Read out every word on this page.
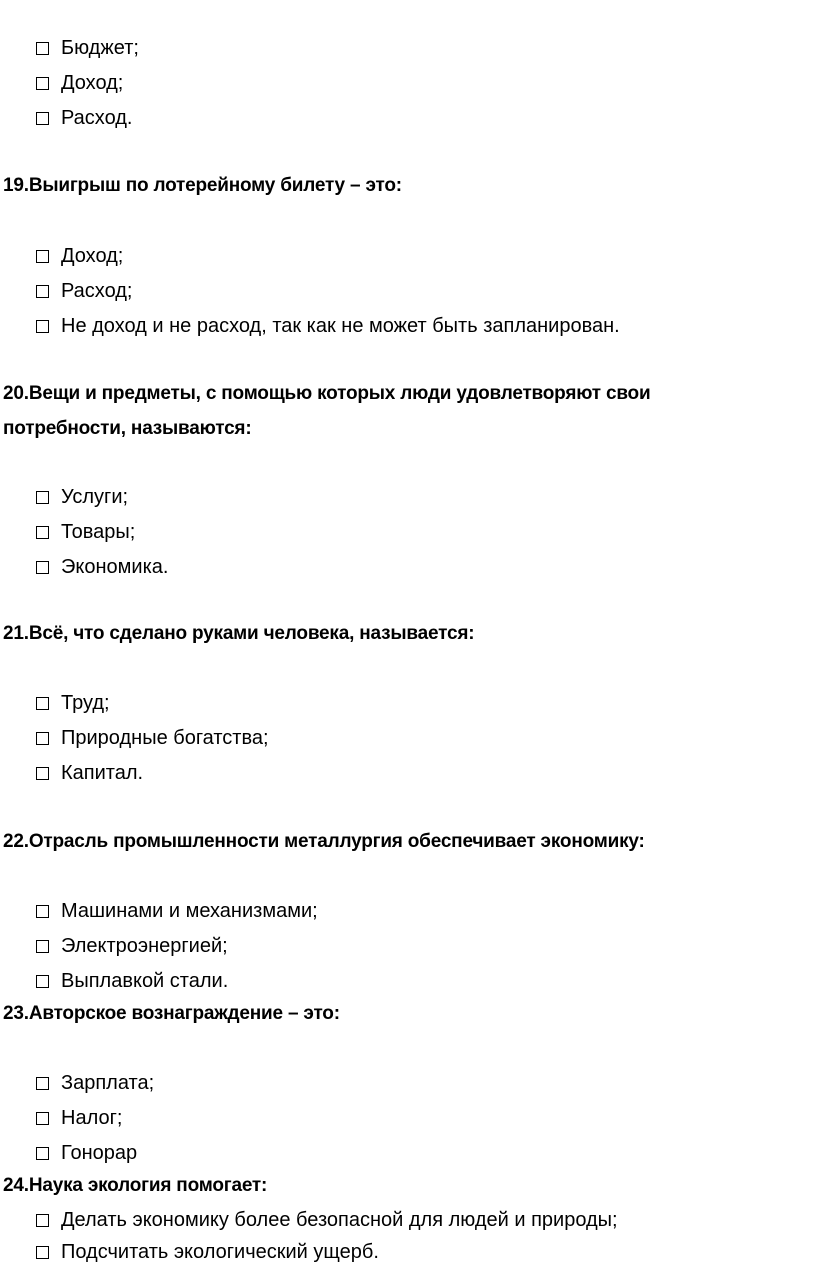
Бюджет;
Доход;
Расход.
19.Выигрыш по лотерейному билету – это:
Доход;
Расход;
Не доход и не расход, так как не может быть запланирован.
20.Вещи и предметы, с помощью которых люди удовлетворяют свои
потребности, называются:
Услуги;
Товары;
Экономика.
21.Всё, что сделано руками человека, называется:
Труд;
Природные богатства;
Капитал.
22.Отрасль промышленности металлургия обеспечивает экономику:
Машинами и механизмами;
Электроэнергией;
Выплавкой стали.
23.Авторское вознаграждение – это:
Зарплата;
Налог;
Гонорар
24.Наука экология помогает:
Делать экономику более безопасной для людей и природы;
Подсчитать экологический ущерб.
